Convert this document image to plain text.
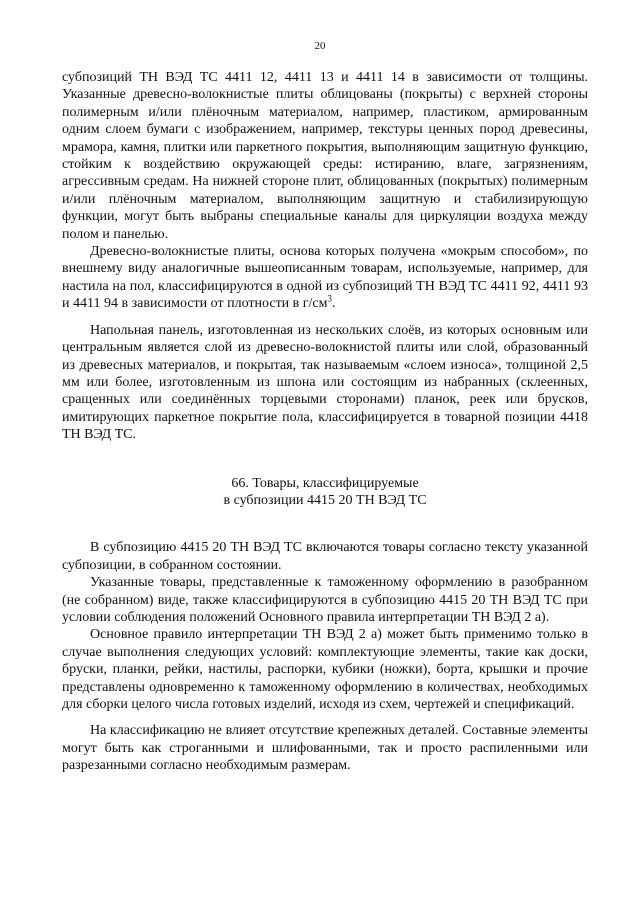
20

субпозиций ТН ВЭД ТС 4411 12, 4411 13 и 4411 14 в зависимости от толщины. Указанные древесно-волокнистые плиты облицованы (покрыты) с верхней стороны полимерным и/или плёночным материалом, например, пластиком, армированным одним слоем бумаги с изображением, например, текстуры ценных пород древесины, мрамора, камня, плитки или паркетного покрытия, выполняющим защитную функцию, стойким к воздействию окружающей среды: истиранию, влаге, загрязнениям, агрессивным средам. На нижней стороне плит, облицованных (покрытых) полимерным и/или плёночным материалом, выполняющим защитную и стабилизирующую функции, могут быть выбраны специальные каналы для циркуляции воздуха между полом и панелью.

Древесно-волокнистые плиты, основа которых получена «мокрым способом», по внешнему виду аналогичные вышеописанным товарам, используемые, например, для настила на пол, классифицируются в одной из субпозиций ТН ВЭД ТС 4411 92, 4411 93 и 4411 94 в зависимости от плотности в $г/см^3$.

Напольная панель, изготовленная из нескольких слоёв, из которых основным или центральным является слой из древесно-волокнистой плиты или слой, образованный из древесных материалов, и покрытая, так называемым «слоем износа», толщиной 2,5 мм или более, изготовленным из шпона или состоящим из набранных (склеенных, сращенных или соединённых торцевыми сторонами) планок, реек или брусков, имитирующих паркетное покрытие пола, классифицируется в товарной позиции 4418 ТН ВЭД ТС.

66. Товары, классифицируемые
в субпозиции 4415 20 ТН ВЭД ТС

В субпозицию 4415 20 ТН ВЭД ТС включаются товары согласно тексту указанной субпозиции, в собранном состоянии.

Указанные товары, представленные к таможенному оформлению в разобранном (не собранном) виде, также классифицируются в субпозицию 4415 20 ТН ВЭД ТС при условии соблюдения положений Основного правила интерпретации ТН ВЭД 2 а).

Основное правило интерпретации ТН ВЭД 2 а) может быть применимо только в случае выполнения следующих условий: комплектующие элементы, такие как доски, бруски, планки, рейки, настилы, распорки, кубики (ножки), борта, крышки и прочие представлены одновременно к таможенному оформлению в количествах, необходимых для сборки целого числа готовых изделий, исходя из схем, чертежей и спецификаций.

На классификацию не влияет отсутствие крепежных деталей. Составные элементы могут быть как строганными и шлифованными, так и просто распиленными или разрезанными согласно необходимым размерам.
